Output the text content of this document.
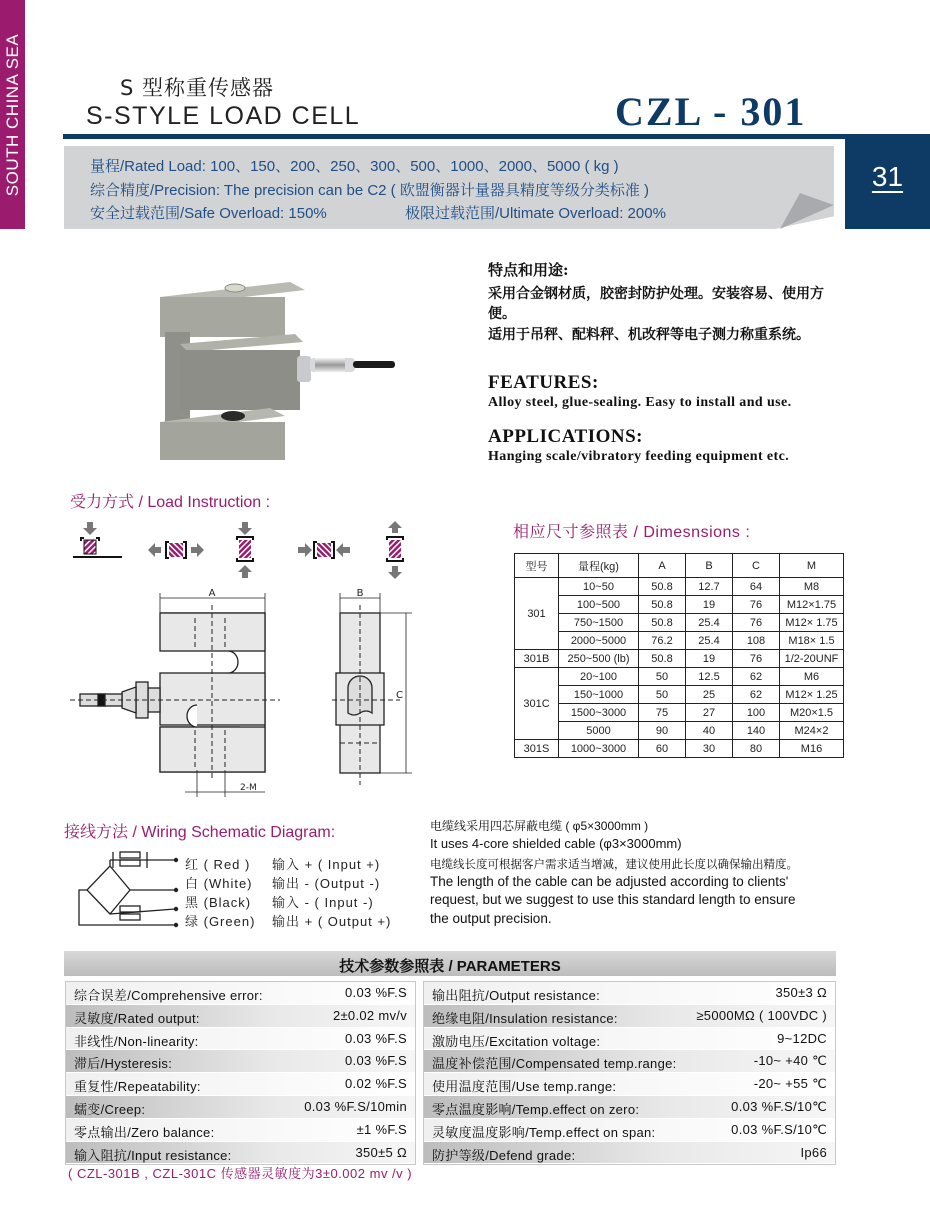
SOUTH CHINA SEA	S 型称重传感器
S-STYLE LOAD CELL	CZL - 301
31
量程/Rated Load: 100、150、200、250、300、500、1000、2000、5000 ( kg )
综合精度/Precision: The precision can be C2 ( 欧盟衡器计量器具精度等级分类标准 )
安全过载范围/Safe Overload: 150%	极限过载范围/Ultimate Overload: 200%
特点和用途:
采用合金钢材质，胶密封防护处理。安装容易、使用方便。
适用于吊秤、配料秤、机改秤等电子测力称重系统。
FEATURES:
Alloy steel, glue-sealing. Easy to install and use.
APPLICATIONS:
Hanging scale/vibratory feeding equipment etc.
受力方式 / Load Instruction :
A	B
C
2-M
相应尺寸参照表 / Dimesnsions :
型号	量程(kg)	A	B	C	M
301	10~50	50.8	12.7	64	M8
	100~500	50.8	19	76	M12×1.75
	750~1500	50.8	25.4	76	M12× 1.75
	2000~5000	76.2	25.4	108	M18× 1.5
301B	250~500 (lb)	50.8	19	76	1/2-20UNF
301C	20~100	50	12.5	62	M6
	150~1000	50	25	62	M12× 1.25
	1500~3000	75	27	100	M20×1.5
	5000	90	40	140	M24×2
301S	1000~3000	60	30	80	M16
接线方法 / Wiring Schematic Diagram:
红 ( Red ) 输入 + ( Input +)
白 (White) 输出 - (Output -)
黑 (Black) 输入 - ( Input -)
绿 (Green) 输出 + ( Output +)
电缆线采用四芯屏蔽电缆 ( φ5×3000mm )
It uses 4-core shielded cable (φ3×3000mm)
电缆线长度可根据客户需求适当增减，建议使用此长度以确保输出精度。
The length of the cable can be adjusted according to clients'
request, but we suggest to use this standard length to ensure
the output precision.
技术参数参照表 / PARAMETERS
综合误差/Comprehensive error:	0.03 %F.S
灵敏度/Rated output:	2±0.02 mv/v
非线性/Non-linearity:	0.03 %F.S
滞后/Hysteresis:	0.03 %F.S
重复性/Repeatability:	0.02 %F.S
蠕变/Creep:	0.03 %F.S/10min
零点输出/Zero balance:	±1 %F.S
输入阻抗/Input resistance:	350±5 Ω
输出阻抗/Output resistance:	350±3 Ω
绝缘电阻/Insulation resistance:	≥5000MΩ ( 100VDC )
激励电压/Excitation voltage:	9~12DC
温度补偿范围/Compensated temp.range:	-10~ +40 ℃
使用温度范围/Use temp.range:	-20~ +55 ℃
零点温度影响/Temp.effect on zero:	0.03 %F.S/10℃
灵敏度温度影响/Temp.effect on span:	0.03 %F.S/10℃
防护等级/Defend grade:	Ip66
( CZL-301B , CZL-301C 传感器灵敏度为3±0.002 mv /v )
